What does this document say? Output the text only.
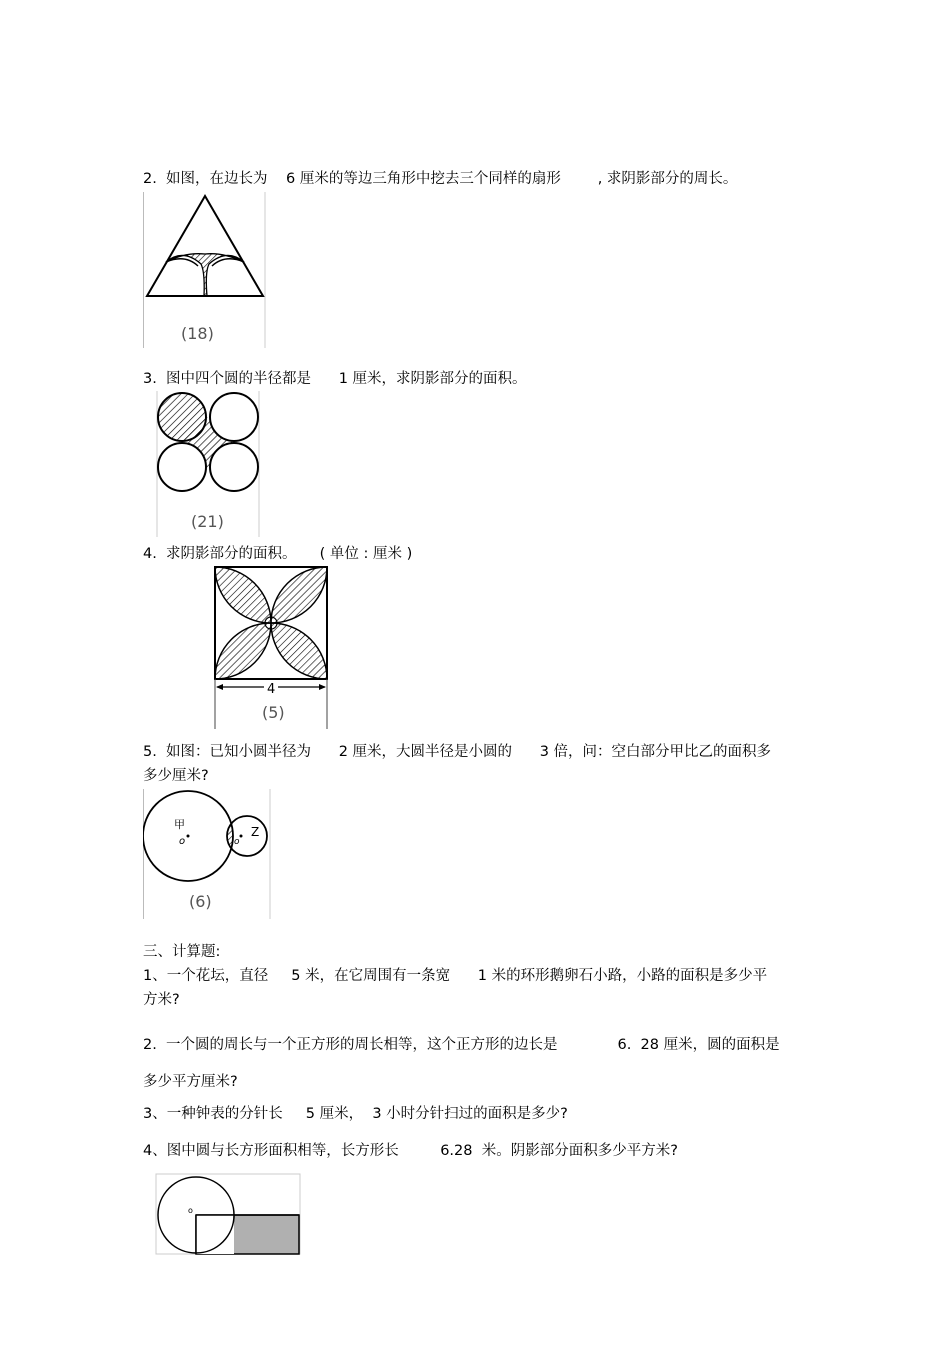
2.  如图，在边长为    6 厘米的等边三角形中挖去三个同样的扇形        , 求阴影部分的周长。
(18)
3.  图中四个圆的半径都是      1 厘米，求阴影部分的面积。
(21)
4.  求阴影部分的面积。     ( 单位 : 厘米 )
4
(5)
5.  如图：已知小圆半径为      2 厘米，大圆半径是小圆的      3 倍，问：空白部分甲比乙的面积多
多少厘米?
甲
o
Z
o
(6)
三、计算题:
1、一个花坛，直径     5 米，在它周围有一条宽      1 米的环形鹅卵石小路，小路的面积是多少平
方米?
2.  一个圆的周长与一个正方形的周长相等，这个正方形的边长是             6.  28 厘米，圆的面积是
多少平方厘米?
3、一种钟表的分针长     5 厘米，  3 小时分针扫过的面积是多少?
4、图中圆与长方形面积相等，长方形长         6.28  米。阴影部分面积多少平方米?
o
